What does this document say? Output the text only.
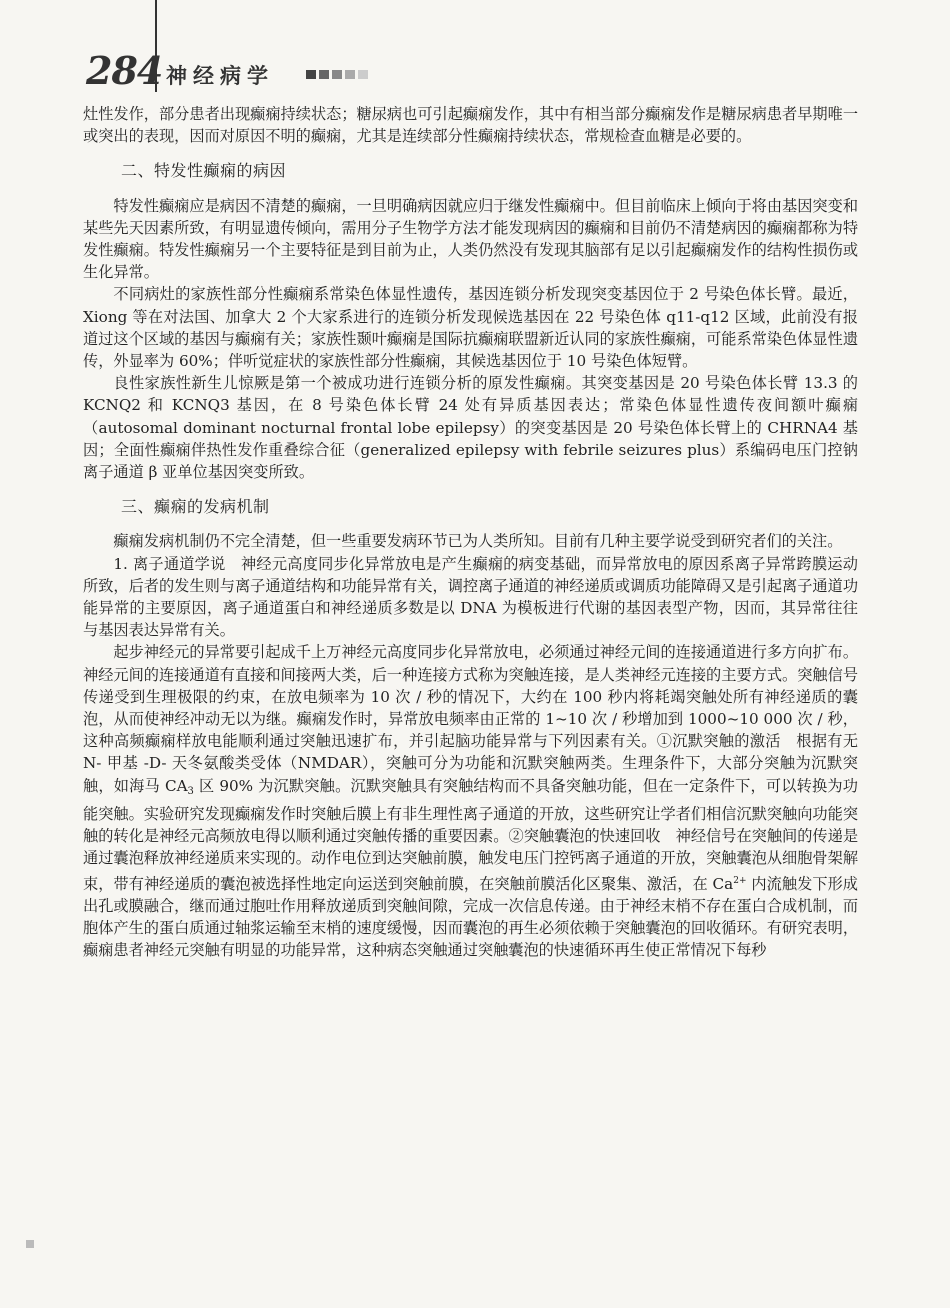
284 神经病学

灶性发作，部分患者出现癫痫持续状态；糖尿病也可引起癫痫发作，其中有相当部分癫痫发作是糖尿病患者早期唯一或突出的表现，因而对原因不明的癫痫，尤其是连续部分性癫痫持续状态，常规检查血糖是必要的。

二、特发性癫痫的病因

特发性癫痫应是病因不清楚的癫痫，一旦明确病因就应归于继发性癫痫中。但目前临床上倾向于将由基因突变和某些先天因素所致，有明显遗传倾向，需用分子生物学方法才能发现病因的癫痫和目前仍不清楚病因的癫痫都称为特发性癫痫。特发性癫痫另一个主要特征是到目前为止，人类仍然没有发现其脑部有足以引起癫痫发作的结构性损伤或生化异常。

不同病灶的家族性部分性癫痫系常染色体显性遗传，基因连锁分析发现突变基因位于 2 号染色体长臂。最近，Xiong 等在对法国、加拿大 2 个大家系进行的连锁分析发现候选基因在 22 号染色体 q11-q12 区域，此前没有报道过这个区域的基因与癫痫有关；家族性颞叶癫痫是国际抗癫痫联盟新近认同的家族性癫痫，可能系常染色体显性遗传，外显率为 60%；伴听觉症状的家族性部分性癫痫，其候选基因位于 10 号染色体短臂。

良性家族性新生儿惊厥是第一个被成功进行连锁分析的原发性癫痫。其突变基因是 20 号染色体长臂 13.3 的 KCNQ2 和 KCNQ3 基因，在 8 号染色体长臂 24 处有异质基因表达；常染色体显性遗传夜间额叶癫痫（autosomal dominant nocturnal frontal lobe epilepsy）的突变基因是 20 号染色体长臂上的 CHRNA4 基因；全面性癫痫伴热性发作重叠综合征（generalized epilepsy with febrile seizures plus）系编码电压门控钠离子通道 β 亚单位基因突变所致。

三、癫痫的发病机制

癫痫发病机制仍不完全清楚，但一些重要发病环节已为人类所知。目前有几种主要学说受到研究者们的关注。

1. 离子通道学说　神经元高度同步化异常放电是产生癫痫的病变基础，而异常放电的原因系离子异常跨膜运动所致，后者的发生则与离子通道结构和功能异常有关，调控离子通道的神经递质或调质功能障碍又是引起离子通道功能异常的主要原因，离子通道蛋白和神经递质多数是以 DNA 为模板进行代谢的基因表型产物，因而，其异常往往与基因表达异常有关。

起步神经元的异常要引起成千上万神经元高度同步化异常放电，必须通过神经元间的连接通道进行多方向扩布。神经元间的连接通道有直接和间接两大类，后一种连接方式称为突触连接，是人类神经元连接的主要方式。突触信号传递受到生理极限的约束，在放电频率为 10 次 / 秒的情况下，大约在 100 秒内将耗竭突触处所有神经递质的囊泡，从而使神经冲动无以为继。癫痫发作时，异常放电频率由正常的 1~10 次 / 秒增加到 1000~10 000 次 / 秒，这种高频癫痫样放电能顺利通过突触迅速扩布，并引起脑功能异常与下列因素有关。①沉默突触的激活　根据有无 N- 甲基 -D- 天冬氨酸类受体（NMDAR），突触可分为功能和沉默突触两类。生理条件下，大部分突触为沉默突触，如海马 $CA_3$ 区 90% 为沉默突触。沉默突触具有突触结构而不具备突触功能，但在一定条件下，可以转换为功能突触。实验研究发现癫痫发作时突触后膜上有非生理性离子通道的开放，这些研究让学者们相信沉默突触向功能突触的转化是神经元高频放电得以顺利通过突触传播的重要因素。②突触囊泡的快速回收　神经信号在突触间的传递是通过囊泡释放神经递质来实现的。动作电位到达突触前膜，触发电压门控钙离子通道的开放，突触囊泡从细胞骨架解束，带有神经递质的囊泡被选择性地定向运送到突触前膜，在突触前膜活化区聚集、激活，在 $Ca^{2+}$ 内流触发下形成出孔或膜融合，继而通过胞吐作用释放递质到突触间隙，完成一次信息传递。由于神经末梢不存在蛋白合成机制，而胞体产生的蛋白质通过轴浆运输至末梢的速度缓慢，因而囊泡的再生必须依赖于突触囊泡的回收循环。有研究表明，癫痫患者神经元突触有明显的功能异常，这种病态突触通过突触囊泡的快速循环再生使正常情况下每秒
